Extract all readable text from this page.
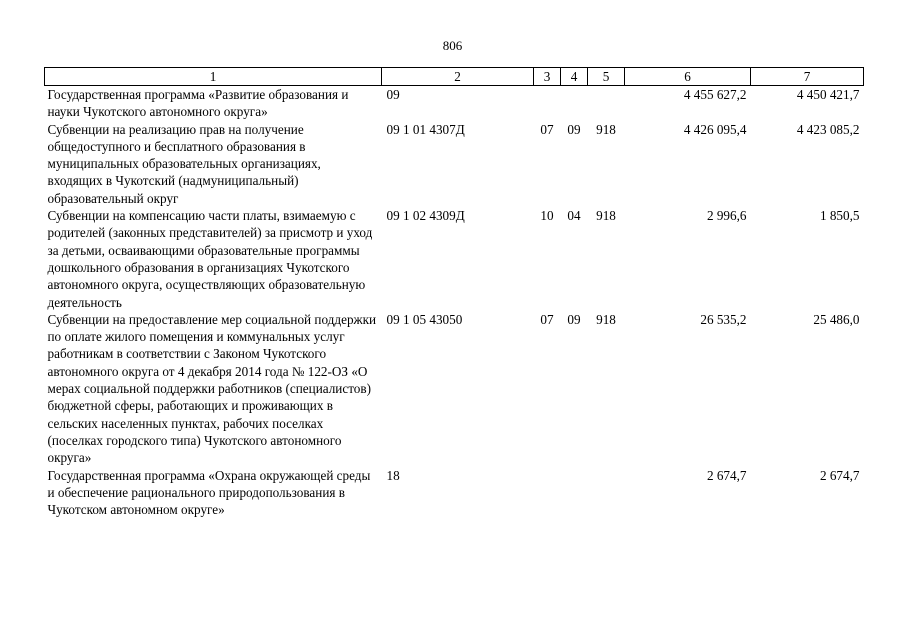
806
1	2	3	4	5	6	7
Государственная программа «Развитие образования и науки Чукотского автономного округа»	09				4 455 627,2	4 450 421,7
Субвенции на реализацию прав на получение общедоступного и бесплатного образования в муниципальных образовательных организациях, входящих в Чукотский (надмуниципальный) образовательный округ	09 1 01 4307Д	07	09	918	4 426 095,4	4 423 085,2
Субвенции на компенсацию части платы, взимаемую с родителей (законных представителей) за присмотр и уход за детьми, осваивающими образовательные программы дошкольного образования в организациях Чукотского автономного округа, осуществляющих образовательную деятельность	09 1 02 4309Д	10	04	918	2 996,6	1 850,5
Субвенции на предоставление мер социальной поддержки по оплате жилого помещения и коммунальных услуг работникам в соответствии с Законом Чукотского автономного округа от 4 декабря 2014 года № 122-ОЗ «О мерах социальной поддержки работников (специалистов) бюджетной сферы, работающих и проживающих в сельских населенных пунктах, рабочих поселках (поселках городского типа) Чукотского автономного округа»	09 1 05 43050	07	09	918	26 535,2	25 486,0
Государственная программа «Охрана окружающей среды и обеспечение рационального природопользования в Чукотском автономном округе»	18				2 674,7	2 674,7
